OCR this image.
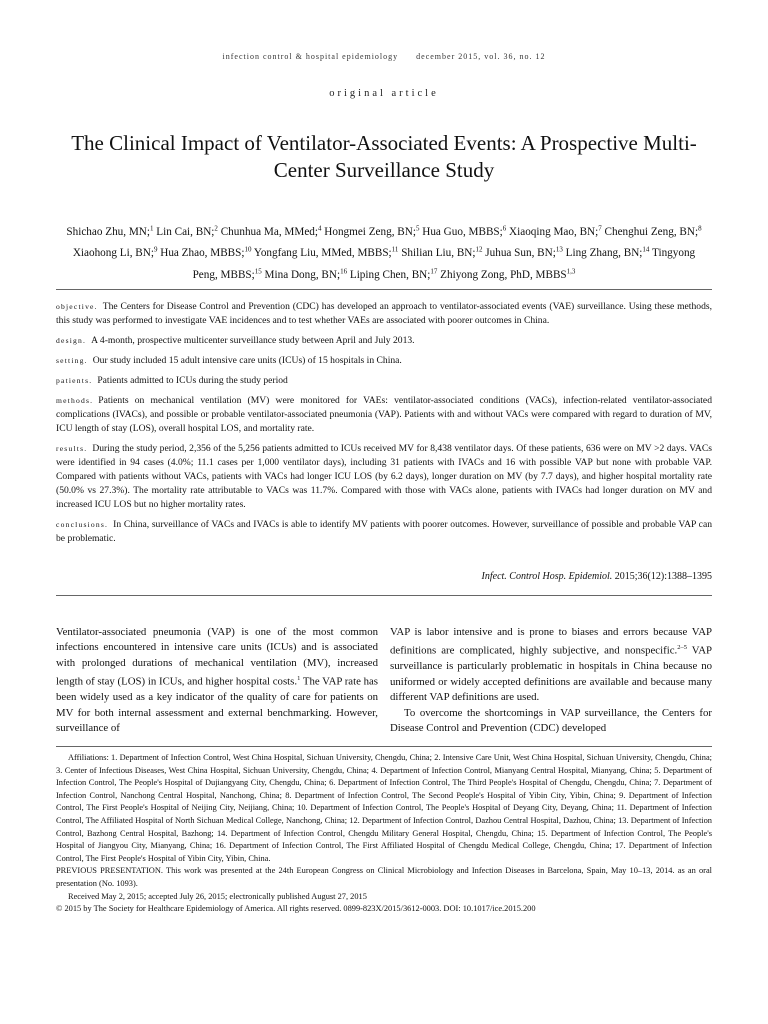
infection control & hospital epidemiology december 2015, vol. 36, no. 12
original article
The Clinical Impact of Ventilator-Associated Events: A Prospective Multi-Center Surveillance Study
Shichao Zhu, MN;$^1$ Lin Cai, BN;$^2$ Chunhua Ma, MMed;$^4$ Hongmei Zeng, BN;$^5$ Hua Guo, MBBS;$^6$ Xiaoqing Mao, BN;$^7$ Chenghui Zeng, BN;$^8$ Xiaohong Li, BN;$^9$ Hua Zhao, MBBS;$^{10}$ Yongfang Liu, MMed, MBBS;$^{11}$ Shilian Liu, BN;$^{12}$ Juhua Sun, BN;$^{13}$ Ling Zhang, BN;$^{14}$ Tingyong Peng, MBBS;$^{15}$ Mina Dong, BN;$^{16}$ Liping Chen, BN;$^{17}$ Zhiyong Zong, PhD, MBBS$^{1,3}$

objective. The Centers for Disease Control and Prevention (CDC) has developed an approach to ventilator-associated events (VAE) surveillance. Using these methods, this study was performed to investigate VAE incidences and to test whether VAEs are associated with poorer outcomes in China.

design. A 4-month, prospective multicenter surveillance study between April and July 2013.

setting. Our study included 15 adult intensive care units (ICUs) of 15 hospitals in China.

patients. Patients admitted to ICUs during the study period

methods. Patients on mechanical ventilation (MV) were monitored for VAEs: ventilator-associated conditions (VACs), infection-related ventilator-associated complications (IVACs), and possible or probable ventilator-associated pneumonia (VAP). Patients with and without VACs were compared with regard to duration of MV, ICU length of stay (LOS), overall hospital LOS, and mortality rate.

results. During the study period, 2,356 of the 5,256 patients admitted to ICUs received MV for 8,438 ventilator days. Of these patients, 636 were on MV >2 days. VACs were identified in 94 cases (4.0%; 11.1 cases per 1,000 ventilator days), including 31 patients with IVACs and 16 with possible VAP but none with probable VAP. Compared with patients without VACs, patients with VACs had longer ICU LOS (by 6.2 days), longer duration on MV (by 7.7 days), and higher hospital mortality rate (50.0% vs 27.3%). The mortality rate attributable to VACs was 11.7%. Compared with those with VACs alone, patients with IVACs had longer duration on MV and increased ICU LOS but no higher mortality rates.

conclusions. In China, surveillance of VACs and IVACs is able to identify MV patients with poorer outcomes. However, surveillance of possible and probable VAP can be problematic.

Infect. Control Hosp. Epidemiol. 2015;36(12):1388–1395

Ventilator-associated pneumonia (VAP) is one of the most common infections encountered in intensive care units (ICUs) and is associated with prolonged durations of mechanical ventilation (MV), increased length of stay (LOS) in ICUs, and higher hospital costs.$^1$ The VAP rate has been widely used as a key indicator of the quality of care for patients on MV for both internal assessment and external benchmarking. However, surveillance of

VAP is labor intensive and is prone to biases and errors because VAP definitions are complicated, highly subjective, and nonspecific.$^{2-5}$ VAP surveillance is particularly problematic in hospitals in China because no uniformed or widely accepted definitions are available and because many different VAP definitions are used.

To overcome the shortcomings in VAP surveillance, the Centers for Disease Control and Prevention (CDC) developed

Affiliations: 1. Department of Infection Control, West China Hospital, Sichuan University, Chengdu, China; 2. Intensive Care Unit, West China Hospital, Sichuan University, Chengdu, China; 3. Center of Infectious Diseases, West China Hospital, Sichuan University, Chengdu, China; 4. Department of Infection Control, Mianyang Central Hospital, Mianyang, China; 5. Department of Infection Control, The People's Hospital of Dujiangyang City, Chengdu, China; 6. Department of Infection Control, The Third People's Hospital of Chengdu, Chengdu, China; 7. Department of Infection Control, Nanchong Central Hospital, Nanchong, China; 8. Department of Infection Control, The Second People's Hospital of Yibin City, Yibin, China; 9. Department of Infection Control, The First People's Hospital of Neijing City, Neijiang, China; 10. Department of Infection Control, The People's Hospital of Deyang City, Deyang, China; 11. Department of Infection Control, The Affiliated Hospital of North Sichuan Medical College, Nanchong, China; 12. Department of Infection Control, Dazhou Central Hospital, Dazhou, China; 13. Department of Infection Control, Bazhong Central Hospital, Bazhong; 14. Department of Infection Control, Chengdu Military General Hospital, Chengdu, China; 15. Department of Infection Control, The People's Hospital of Jiangyou City, Mianyang, China; 16. Department of Infection Control, The First Affiliated Hospital of Chengdu Medical College, Chengdu, China; 17. Department of Infection Control, The First People's Hospital of Yibin City, Yibin, China.

PREVIOUS PRESENTATION. This work was presented at the 24th European Congress on Clinical Microbiology and Infection Diseases in Barcelona, Spain, May 10–13, 2014. as an oral presentation (No. 1093).

Received May 2, 2015; accepted July 26, 2015; electronically published August 27, 2015

© 2015 by The Society for Healthcare Epidemiology of America. All rights reserved. 0899-823X/2015/3612-0003. DOI: 10.1017/ice.2015.200
